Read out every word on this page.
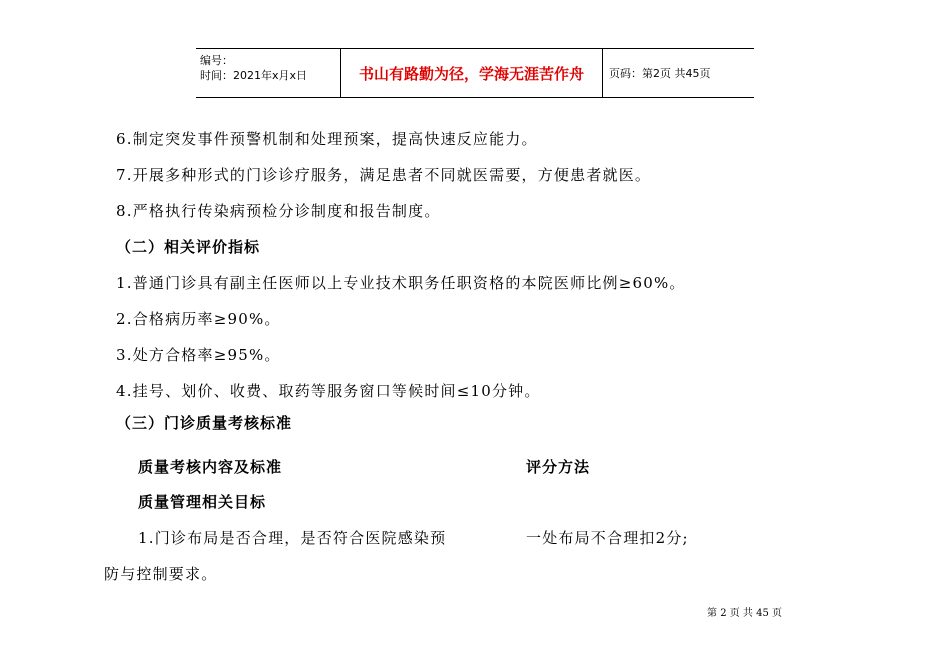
编号：
时间：2021年x月x日	书山有路勤为径，学海无涯苦作舟	页码：第2页 共45页
6.制定突发事件预警机制和处理预案，提高快速反应能力。
7.开展多种形式的门诊诊疗服务，满足患者不同就医需要，方便患者就医。
8.严格执行传染病预检分诊制度和报告制度。
（二）相关评价指标
1.普通门诊具有副主任医师以上专业技术职务任职资格的本院医师比例≥60%。
2.合格病历率≥90%。
3.处方合格率≥95%。
4.挂号、划价、收费、取药等服务窗口等候时间≤10分钟。
（三）门诊质量考核标准
质量考核内容及标准	评分方法
质量管理相关目标
1.门诊布局是否合理，是否符合医院感染预	一处布局不合理扣2分;
防与控制要求。
第 2 页 共 45 页
